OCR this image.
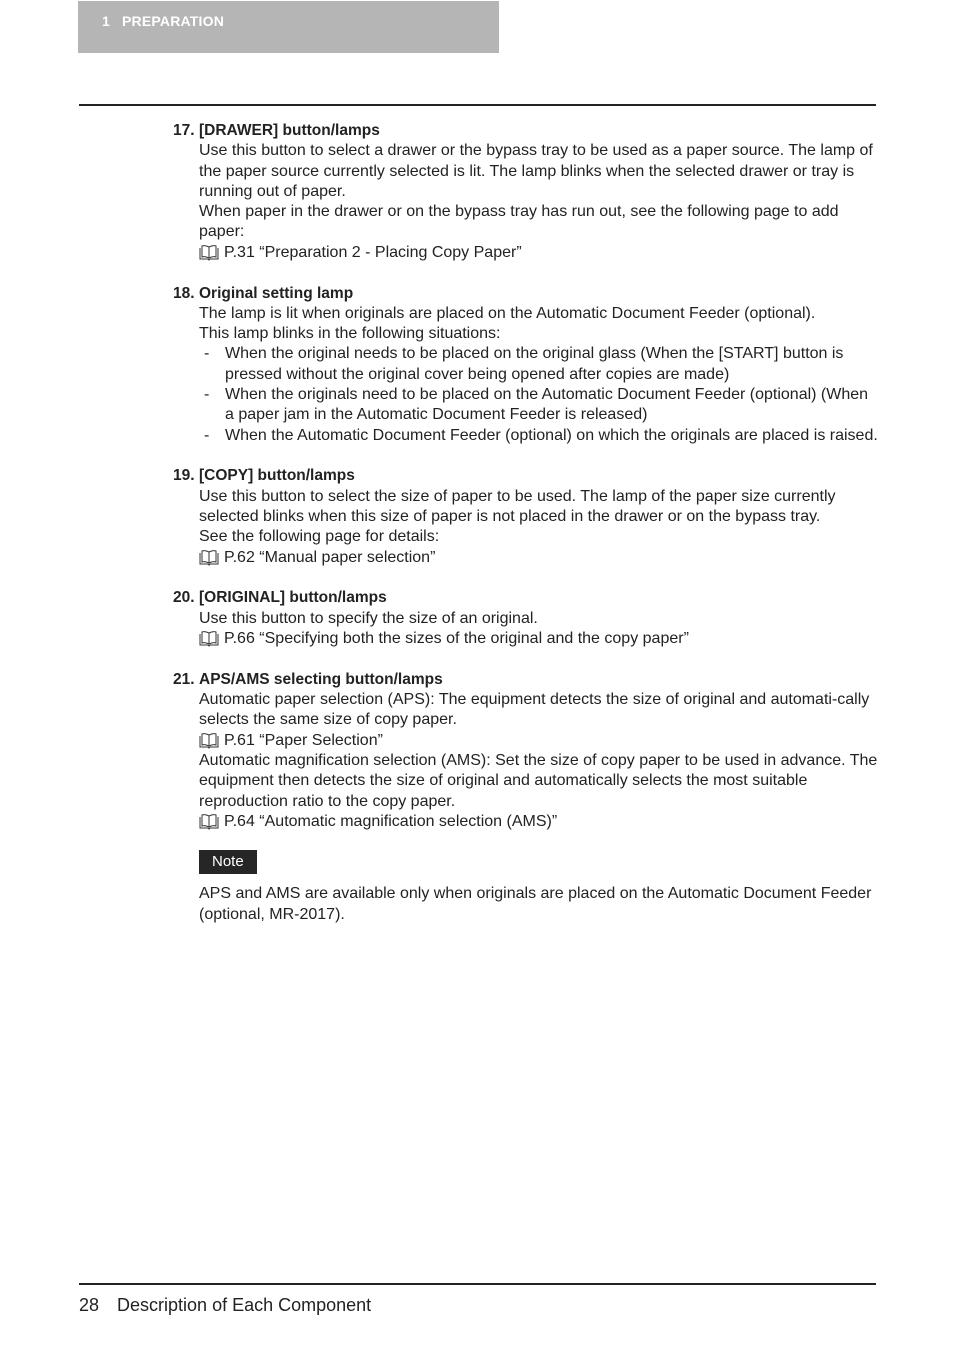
1 PREPARATION
17. [DRAWER] button/lamps

Use this button to select a drawer or the bypass tray to be used as a paper source. The lamp of the paper source currently selected is lit. The lamp blinks when the selected drawer or tray is running out of paper.

When paper in the drawer or on the bypass tray has run out, see the following page to add paper:

P.31 “Preparation 2 - Placing Copy Paper”
18. Original setting lamp

The lamp is lit when originals are placed on the Automatic Document Feeder (optional).

This lamp blinks in the following situations:

- When the original needs to be placed on the original glass (When the [START] button is pressed without the original cover being opened after copies are made)
- When the originals need to be placed on the Automatic Document Feeder (optional) (When a paper jam in the Automatic Document Feeder is released)
- When the Automatic Document Feeder (optional) on which the originals are placed is raised.
19. [COPY] button/lamps

Use this button to select the size of paper to be used. The lamp of the paper size currently selected blinks when this size of paper is not placed in the drawer or on the bypass tray.

See the following page for details:

P.62 “Manual paper selection”
20. [ORIGINAL] button/lamps

Use this button to specify the size of an original.

P.66 “Specifying both the sizes of the original and the copy paper”
21. APS/AMS selecting button/lamps

Automatic paper selection (APS): The equipment detects the size of original and automati-cally selects the same size of copy paper.

P.61 “Paper Selection”

Automatic magnification selection (AMS): Set the size of copy paper to be used in advance. The equipment then detects the size of original and automatically selects the most suitable reproduction ratio to the copy paper.

P.64 “Automatic magnification selection (AMS)”
Note

APS and AMS are available only when originals are placed on the Automatic Document Feeder (optional, MR-2017).

28 Description of Each Component
